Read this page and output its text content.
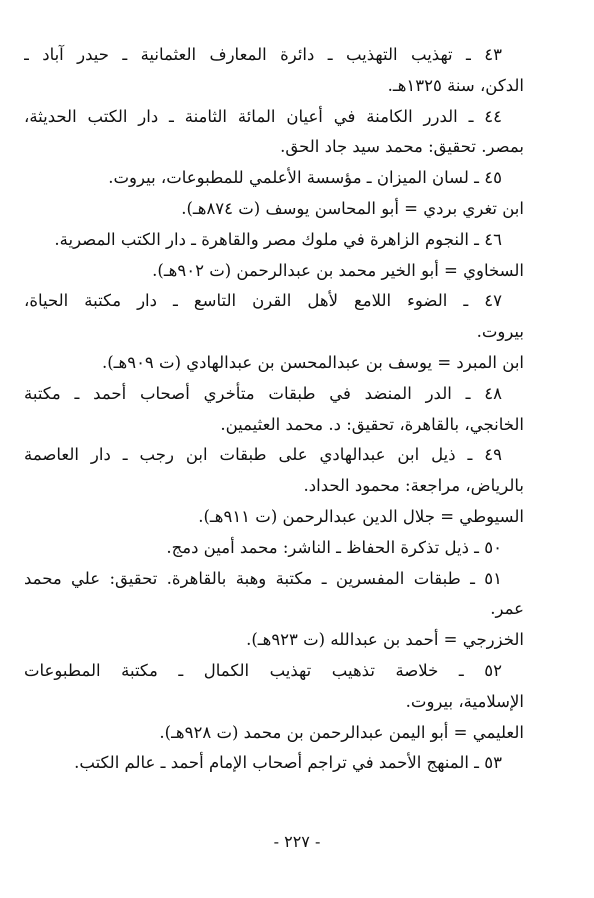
٤٣ ـ تهذيب التهذيب ـ دائرة المعارف العثمانية ـ حيدر آباد ـ
الدكن، سنة ١٣٢٥هـ.
٤٤ ـ الدرر الكامنة في أعيان المائة الثامنة ـ دار الكتب الحديثة،
بمصر. تحقيق: محمد سيد جاد الحق.
٤٥ ـ لسان الميزان ـ مؤسسة الأعلمي للمطبوعات، بيروت.
ابن تغري بردي = أبو المحاسن يوسف (ت ٨٧٤هـ).
٤٦ ـ النجوم الزاهرة في ملوك مصر والقاهرة ـ دار الكتب المصرية.
السخاوي = أبو الخير محمد بن عبدالرحمن (ت ٩٠٢هـ).
٤٧ ـ الضوء اللامع لأهل القرن التاسع ـ دار مكتبة الحياة،
بيروت.
ابن المبرد = يوسف بن عبدالمحسن بن عبدالهادي (ت ٩٠٩هـ).
٤٨ ـ الدر المنضد في طبقات متأخري أصحاب أحمد ـ مكتبة
الخانجي، بالقاهرة، تحقيق: د. محمد العثيمين.
٤٩ ـ ذيل ابن عبدالهادي على طبقات ابن رجب ـ دار العاصمة
بالرياض، مراجعة: محمود الحداد.
السيوطي = جلال الدين عبدالرحمن (ت ٩١١هـ).
٥٠ ـ ذيل تذكرة الحفاظ ـ الناشر: محمد أمين دمج.
٥١ ـ طبقات المفسرين ـ مكتبة وهبة بالقاهرة. تحقيق: علي محمد
عمر.
الخزرجي = أحمد بن عبدالله (ت ٩٢٣هـ).
٥٢ ـ خلاصة تذهيب تهذيب الكمال ـ مكتبة المطبوعات
الإسلامية، بيروت.
العليمي = أبو اليمن عبدالرحمن بن محمد (ت ٩٢٨هـ).
٥٣ ـ المنهج الأحمد في تراجم أصحاب الإمام أحمد ـ عالم الكتب.
- ٢٢٧ -
